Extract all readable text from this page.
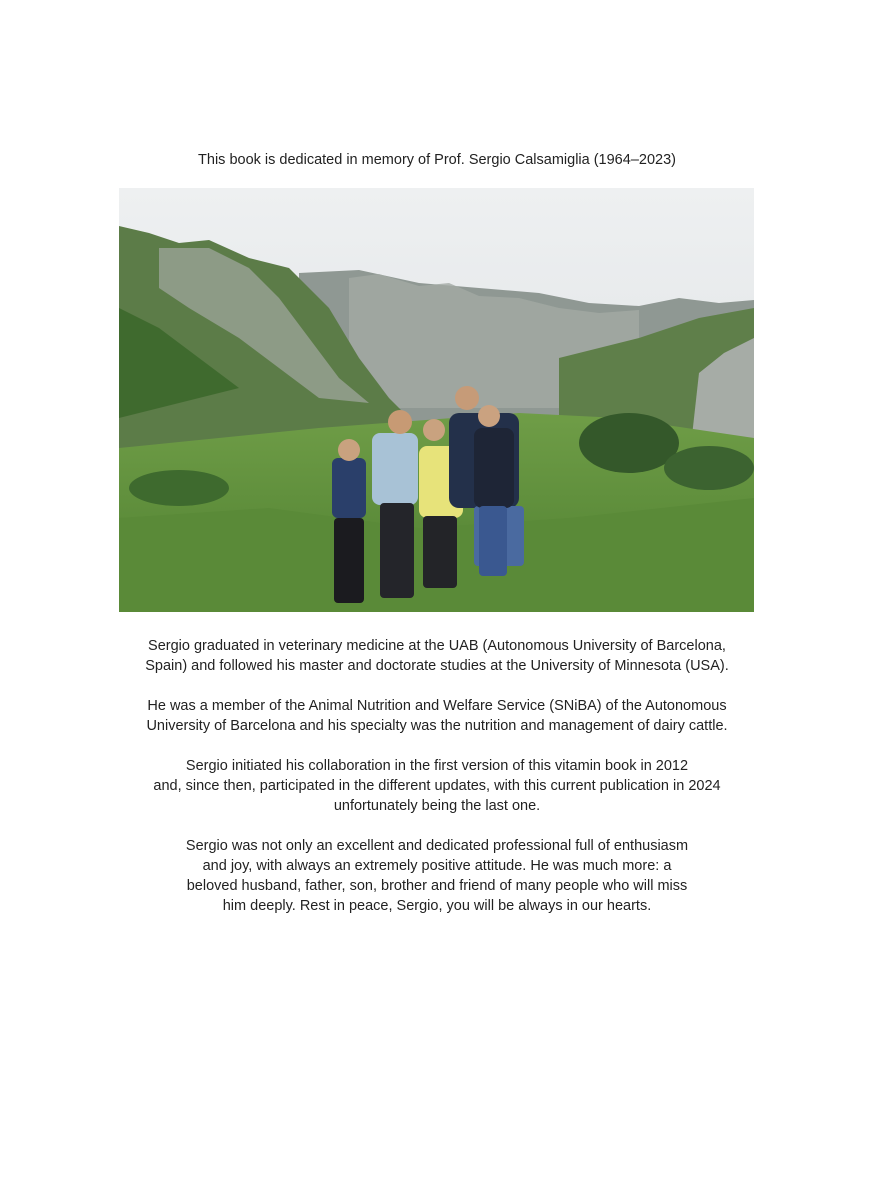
This book is dedicated in memory of Prof. Sergio Calsamiglia (1964–2023)

Sergio graduated in veterinary medicine at the UAB (Autonomous University of Barcelona,
Spain) and followed his master and doctorate studies at the University of Minnesota (USA).

He was a member of the Animal Nutrition and Welfare Service (SNiBA) of the Autonomous
University of Barcelona and his specialty was the nutrition and management of dairy cattle.

Sergio initiated his collaboration in the first version of this vitamin book in 2012
and, since then, participated in the different updates, with this current publication in 2024
unfortunately being the last one.

Sergio was not only an excellent and dedicated professional full of enthusiasm
and joy, with always an extremely positive attitude. He was much more: a
beloved husband, father, son, brother and friend of many people who will miss
him deeply. Rest in peace, Sergio, you will be always in our hearts.
